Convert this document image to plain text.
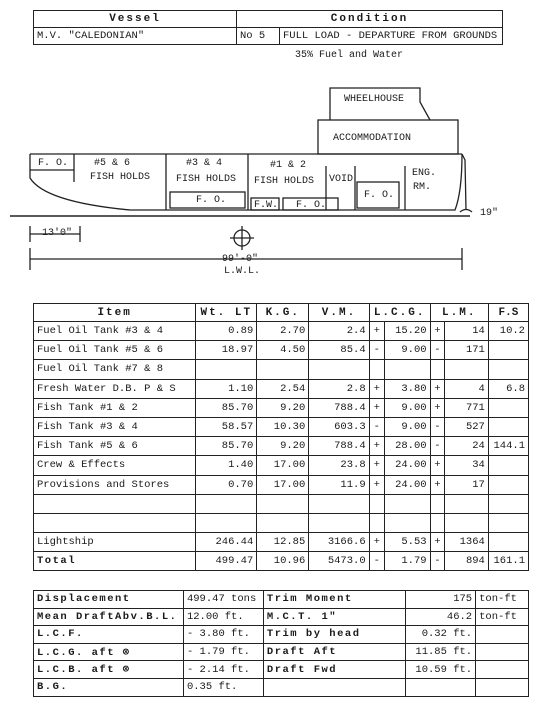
Vessel	Condition	
M.V. "CALEDONIAN"	No 5	FULL LOAD - DEPARTURE FROM GROUNDS
35% Fuel and Water
WHEELHOUSE
ACCOMMODATION
F. O.	#5 & 6
FISH HOLDS
#3 & 4
FISH HOLDS
F. O.
#1 & 2
FISH HOLDS VOID
F.W. F. O.
F. O.
ENG.
RM.
13'0"
19"
99'-0"
L.W.L.
Item	Wt. LT	K.G.	V.M.	L.C.G.		L.M.		F.S
Fuel Oil Tank #3 & 4	0.89	2.70	2.4	+	15.20	+	14	10.2
Fuel Oil Tank #5 & 6	18.97	4.50	85.4	-	9.00	-	171	
Fuel Oil Tank #7 & 8								
Fresh Water D.B. P & S	1.10	2.54	2.8	+	3.80	+	4	6.8
Fish Tank #1 & 2	85.70	9.20	788.4	+	9.00	+	771	
Fish Tank #3 & 4	58.57	10.30	603.3	-	9.00	-	527	
Fish Tank #5 & 6	85.70	9.20	788.4	+	28.00	-	24	144.1
Crew & Effects	1.40	17.00	23.8	+	24.00	+	34	
Provisions and Stores	0.70	17.00	11.9	+	24.00	+	17	

Lightship	246.44	12.85	3166.6	+	5.53	+	1364	
Total	499.47	10.96	5473.0	-	1.79	-	894	161.1
Displacement	499.47 tons	Trim Moment	175	ton-ft
Mean DraftAbv.B.L.	12.00 ft.	M.C.T. 1"	46.2	ton-ft
L.C.F.	- 3.80 ft.	Trim by head	0.32 ft.	
L.C.G. aft ⊗	- 1.79 ft.	Draft Aft	11.85 ft.	
L.C.B. aft ⊗	- 2.14 ft.	Draft Fwd	10.59 ft.	
B.G.	0.35 ft.			
